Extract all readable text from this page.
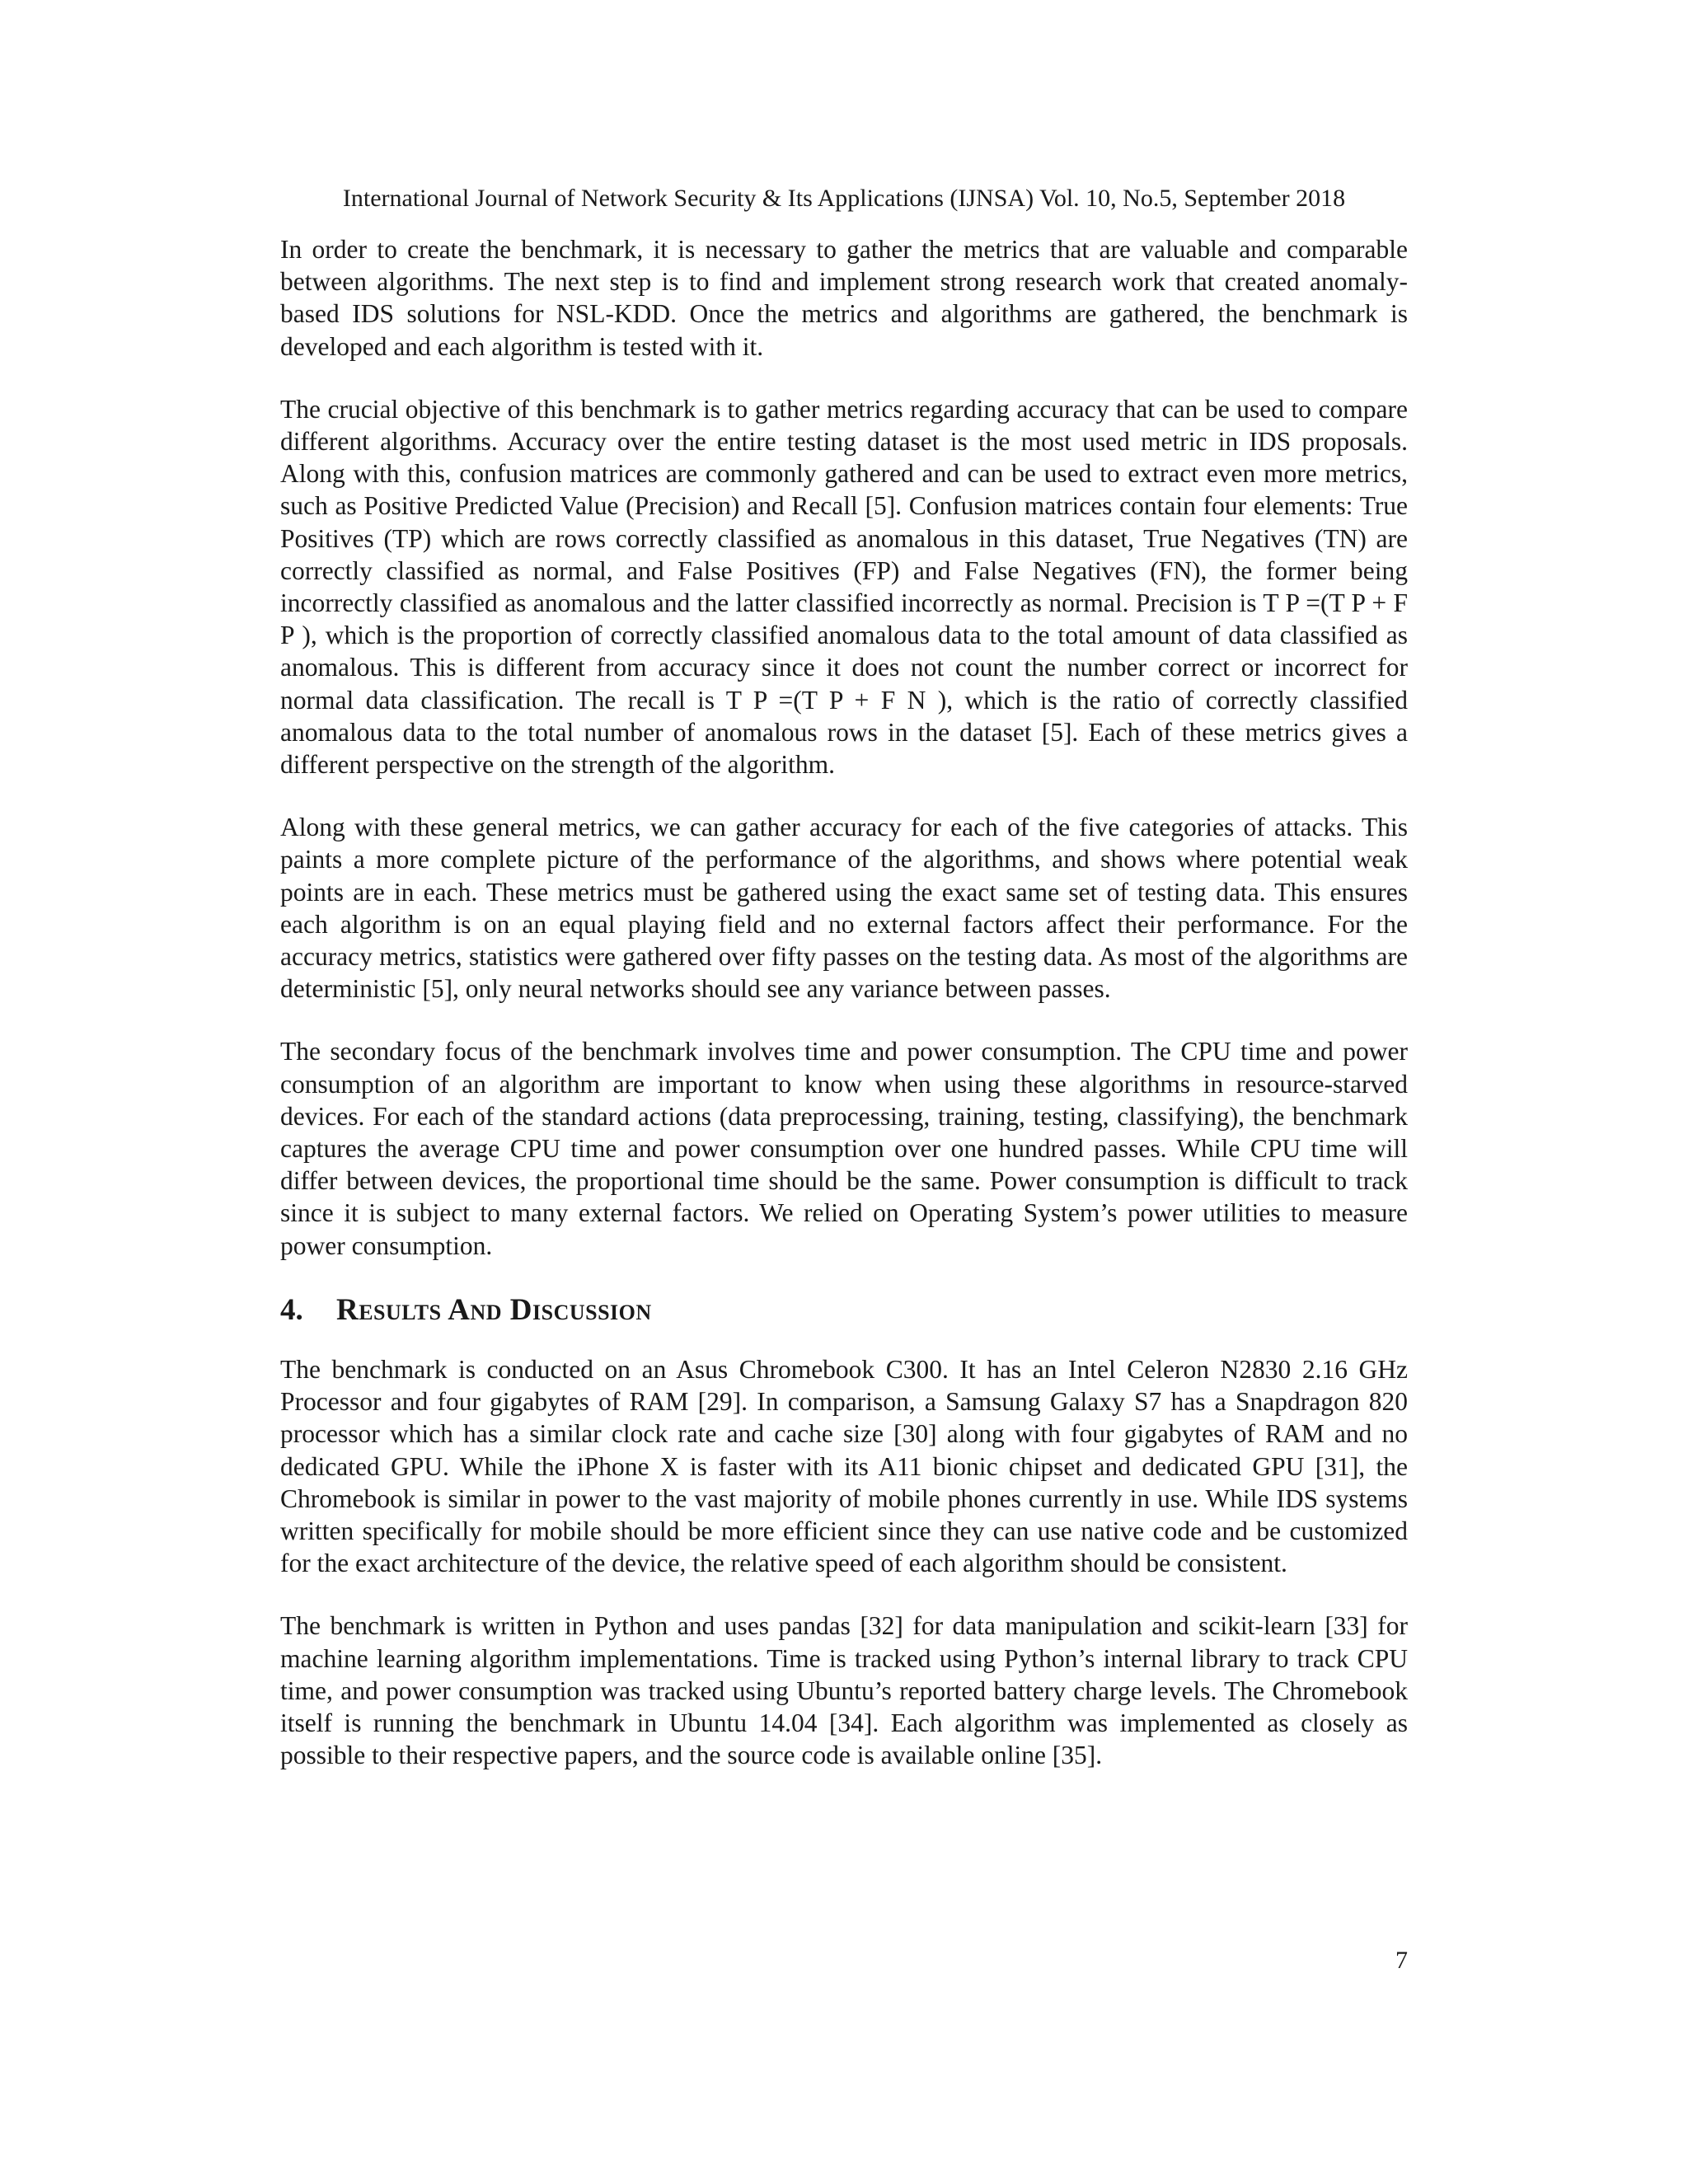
International Journal of Network Security & Its Applications (IJNSA) Vol. 10, No.5, September 2018

In order to create the benchmark, it is necessary to gather the metrics that are valuable and comparable between algorithms. The next step is to find and implement strong research work that created anomaly-based IDS solutions for NSL-KDD. Once the metrics and algorithms are gathered, the benchmark is developed and each algorithm is tested with it.

The crucial objective of this benchmark is to gather metrics regarding accuracy that can be used to compare different algorithms. Accuracy over the entire testing dataset is the most used metric in IDS proposals. Along with this, confusion matrices are commonly gathered and can be used to extract even more metrics, such as Positive Predicted Value (Precision) and Recall [5]. Confusion matrices contain four elements: True Positives (TP) which are rows correctly classified as anomalous in this dataset, True Negatives (TN) are correctly classified as normal, and False Positives (FP) and False Negatives (FN), the former being incorrectly classified as anomalous and the latter classified incorrectly as normal. Precision is T P =(T P + F P ), which is the proportion of correctly classified anomalous data to the total amount of data classified as anomalous. This is different from accuracy since it does not count the number correct or incorrect for normal data classification. The recall is T P =(T P + F N ), which is the ratio of correctly classified anomalous data to the total number of anomalous rows in the dataset [5]. Each of these metrics gives a different perspective on the strength of the algorithm.

Along with these general metrics, we can gather accuracy for each of the five categories of attacks. This paints a more complete picture of the performance of the algorithms, and shows where potential weak points are in each. These metrics must be gathered using the exact same set of testing data. This ensures each algorithm is on an equal playing field and no external factors affect their performance. For the accuracy metrics, statistics were gathered over fifty passes on the testing data. As most of the algorithms are deterministic [5], only neural networks should see any variance between passes.

The secondary focus of the benchmark involves time and power consumption. The CPU time and power consumption of an algorithm are important to know when using these algorithms in resource-starved devices. For each of the standard actions (data preprocessing, training, testing, classifying), the benchmark captures the average CPU time and power consumption over one hundred passes. While CPU time will differ between devices, the proportional time should be the same. Power consumption is difficult to track since it is subject to many external factors. We relied on Operating System’s power utilities to measure power consumption.

4. Results And Discussion

The benchmark is conducted on an Asus Chromebook C300. It has an Intel Celeron N2830 2.16 GHz Processor and four gigabytes of RAM [29]. In comparison, a Samsung Galaxy S7 has a Snapdragon 820 processor which has a similar clock rate and cache size [30] along with four gigabytes of RAM and no dedicated GPU. While the iPhone X is faster with its A11 bionic chipset and dedicated GPU [31], the Chromebook is similar in power to the vast majority of mobile phones currently in use. While IDS systems written specifically for mobile should be more efficient since they can use native code and be customized for the exact architecture of the device, the relative speed of each algorithm should be consistent.

The benchmark is written in Python and uses pandas [32] for data manipulation and scikit-learn [33] for machine learning algorithm implementations. Time is tracked using Python’s internal library to track CPU time, and power consumption was tracked using Ubuntu’s reported battery charge levels. The Chromebook itself is running the benchmark in Ubuntu 14.04 [34]. Each algorithm was implemented as closely as possible to their respective papers, and the source code is available online [35].

7
